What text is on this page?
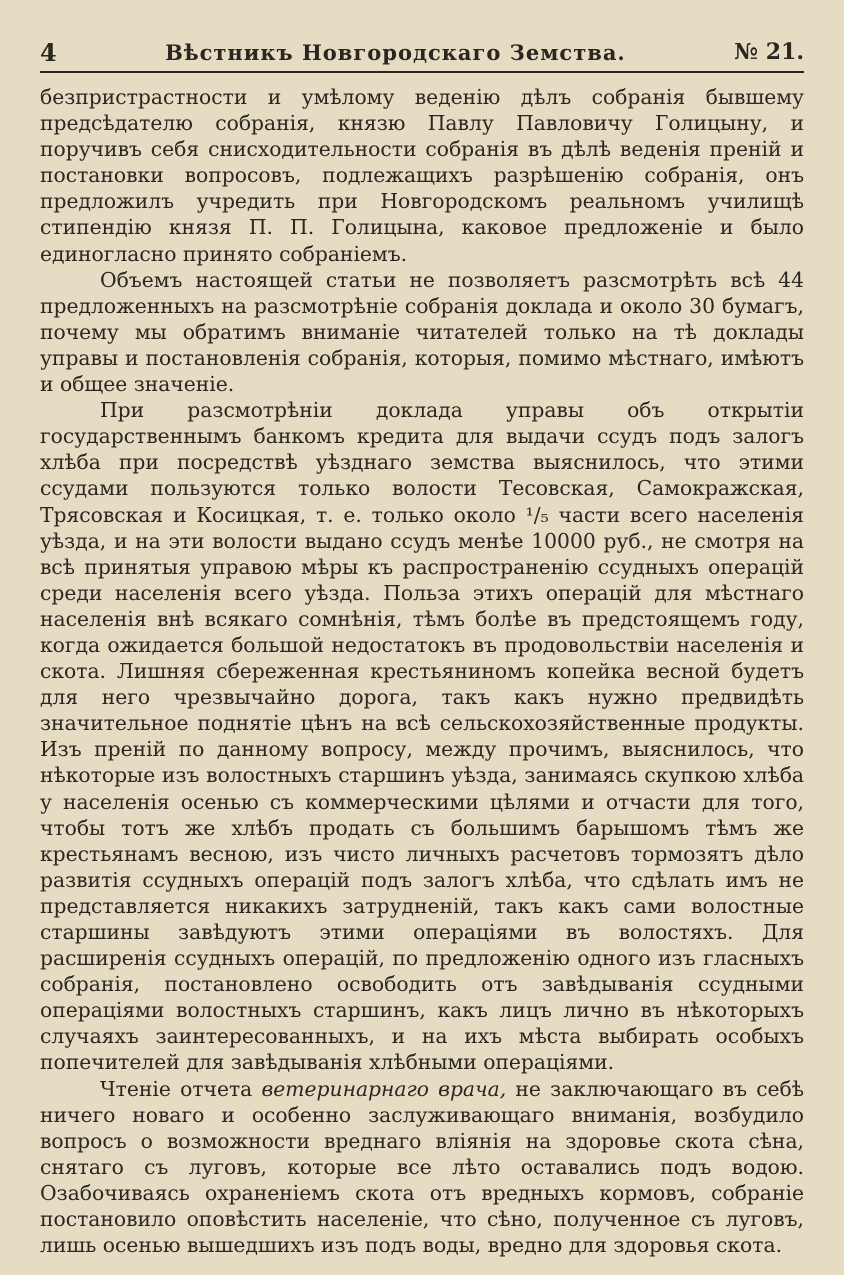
4	Вѣстникъ Новгородскаго Земства.	№ 21.

безпристрастности и умѣлому веденію дѣлъ собранія бывшему предсѣдателю собранія, князю Павлу Павловичу Голицыну, и поручивъ себя снисходительности собранія въ дѣлѣ веденія преній и постановки вопросовъ, подлежащихъ разрѣшенію собранія, онъ предложилъ учредить при Новгородскомъ реальномъ училищѣ стипендію князя П. П. Голицына, каковое предложеніе и было единогласно принято собраніемъ.

Объемъ настоящей статьи не позволяетъ разсмотрѣть всѣ 44 предложенныхъ на разсмотрѣніе собранія доклада и около 30 бумагъ, почему мы обратимъ вниманіе читателей только на тѣ доклады управы и постановленія собранія, которыя, помимо мѣстнаго, имѣютъ и общее значеніе.

При разсмотрѣніи доклада управы объ открытіи государственнымъ банкомъ кредита для выдачи ссудъ подъ залогъ хлѣба при посредствѣ уѣзднаго земства выяснилось, что этими ссудами пользуются только волости Тесовская, Самокражская, Трясовская и Косицкая, т. е. только около ¹/₅ части всего населенія уѣзда, и на эти волости выдано ссудъ менѣе 10000 руб., не смотря на всѣ принятыя управою мѣры къ распространенію ссудныхъ операцій среди населенія всего уѣзда. Польза этихъ операцій для мѣстнаго населенія внѣ всякаго сомнѣнія, тѣмъ болѣе въ предстоящемъ году, когда ожидается большой недостатокъ въ продовольствіи населенія и скота. Лишняя сбереженная крестьяниномъ копейка весной будетъ для него чрезвычайно дорога, такъ какъ нужно предвидѣть значительное поднятіе цѣнъ на всѣ сельскохозяйственные продукты. Изъ преній по данному вопросу, между прочимъ, выяснилось, что нѣкоторые изъ волостныхъ старшинъ уѣзда, занимаясь скупкою хлѣба у населенія осенью съ коммерческими цѣлями и отчасти для того, чтобы тотъ же хлѣбъ продать съ большимъ барышомъ тѣмъ же крестьянамъ весною, изъ чисто личныхъ расчетовъ тормозятъ дѣло развитія ссудныхъ операцій подъ залогъ хлѣба, что сдѣлать имъ не представляется никакихъ затрудненій, такъ какъ сами волостные старшины завѣдуютъ этими операціями въ волостяхъ. Для расширенія ссудныхъ операцій, по предложенію одного изъ гласныхъ собранія, постановлено освободить отъ завѣдыванія ссудными операціями волостныхъ старшинъ, какъ лицъ лично въ нѣкоторыхъ случаяхъ заинтересованныхъ, и на ихъ мѣста выбирать особыхъ попечителей для завѣдыванія хлѣбными операціями.

Чтеніе отчета ветеринарнаго врача, не заключающаго въ себѣ ничего новаго и особенно заслуживающаго вниманія, возбудило вопросъ о возможности вреднаго вліянія на здоровье скота сѣна, снятаго съ луговъ, которые все лѣто оставались подъ водою. Озабочиваясь охраненіемъ скота отъ вредныхъ кормовъ, собраніе постановило оповѣстить населеніе, что сѣно, полученное съ луговъ, лишь осенью вышедшихъ изъ подъ воды, вредно для здоровья скота.
